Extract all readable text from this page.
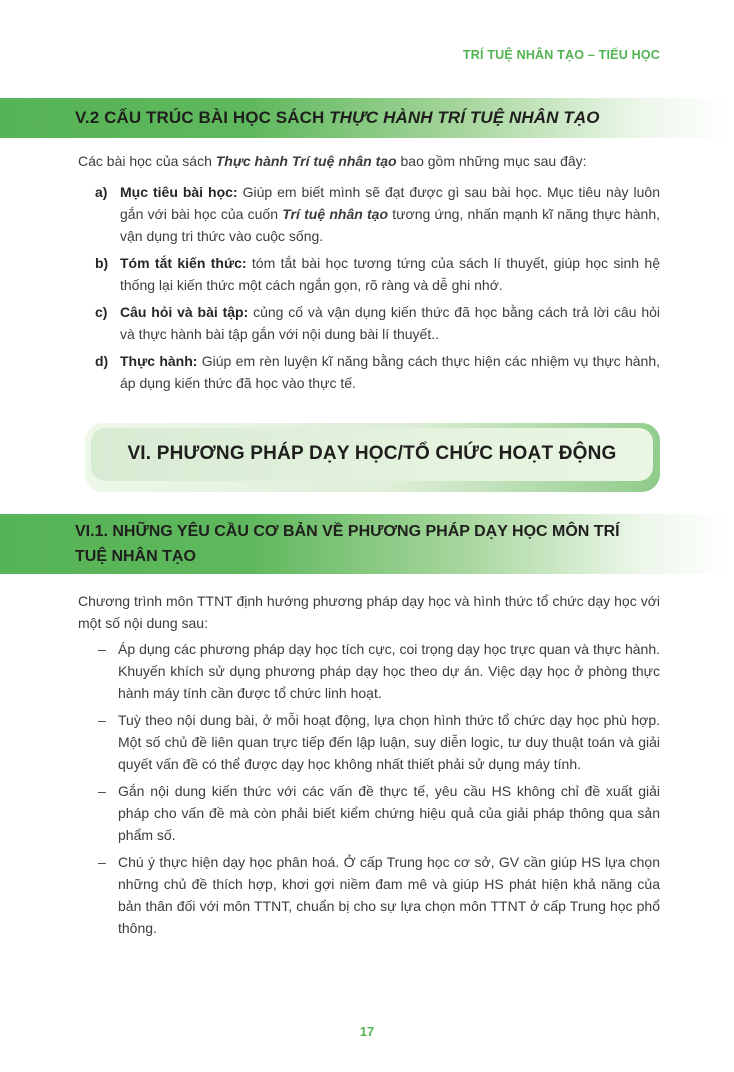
TRÍ TUỆ NHÂN TẠO – TIỂU HỌC
V.2 CẤU TRÚC BÀI HỌC SÁCH THỰC HÀNH TRÍ TUỆ NHÂN TẠO
Các bài học của sách Thực hành Trí tuệ nhân tạo bao gồm những mục sau đây:
a) Mục tiêu bài học: Giúp em biết mình sẽ đạt được gì sau bài học. Mục tiêu này luôn gắn với bài học của cuốn Trí tuệ nhân tạo tương ứng, nhấn mạnh kĩ năng thực hành, vận dụng tri thức vào cuộc sống.
b) Tóm tắt kiến thức: tóm tắt bài học tương tứng của sách lí thuyết, giúp học sinh hệ thống lại kiến thức một cách ngắn gọn, rõ ràng và dễ ghi nhớ.
c) Câu hỏi và bài tập: củng cố và vận dụng kiến thức đã học bằng cách trả lời câu hỏi và thực hành bài tập gắn với nội dung bài lí thuyết..
d) Thực hành: Giúp em rèn luyện kĩ năng bằng cách thực hiện các nhiệm vụ thực hành, áp dụng kiến thức đã học vào thực tế.
VI. PHƯƠNG PHÁP DẠY HỌC/TỔ CHỨC HOẠT ĐỘNG
VI.1. NHỮNG YÊU CẦU CƠ BẢN VỀ PHƯƠNG PHÁP DẠY HỌC MÔN TRÍ TUỆ NHÂN TẠO
Chương trình môn TTNT định hướng phương pháp dạy học và hình thức tổ chức dạy học với một số nội dung sau:
– Áp dụng các phương pháp dạy học tích cực, coi trọng dạy học trực quan và thực hành. Khuyến khích sử dụng phương pháp dạy học theo dự án. Việc dạy học ở phòng thực hành máy tính cần được tổ chức linh hoạt.
– Tuỳ theo nội dung bài, ở mỗi hoạt động, lựa chọn hình thức tổ chức dạy học phù hợp. Một số chủ đề liên quan trực tiếp đến lập luận, suy diễn logic, tư duy thuật toán và giải quyết vấn đề có thể được dạy học không nhất thiết phải sử dụng máy tính.
– Gắn nội dung kiến thức với các vấn đề thực tế, yêu cầu HS không chỉ đề xuất giải pháp cho vấn đề mà còn phải biết kiểm chứng hiệu quả của giải pháp thông qua sản phẩm số.
– Chú ý thực hiện dạy học phân hoá. Ở cấp Trung học cơ sở, GV cần giúp HS lựa chọn những chủ đề thích hợp, khơi gợi niềm đam mê và giúp HS phát hiện khả năng của bản thân đối với môn TTNT, chuẩn bị cho sự lựa chọn môn TTNT ở cấp Trung học phổ thông.
17
